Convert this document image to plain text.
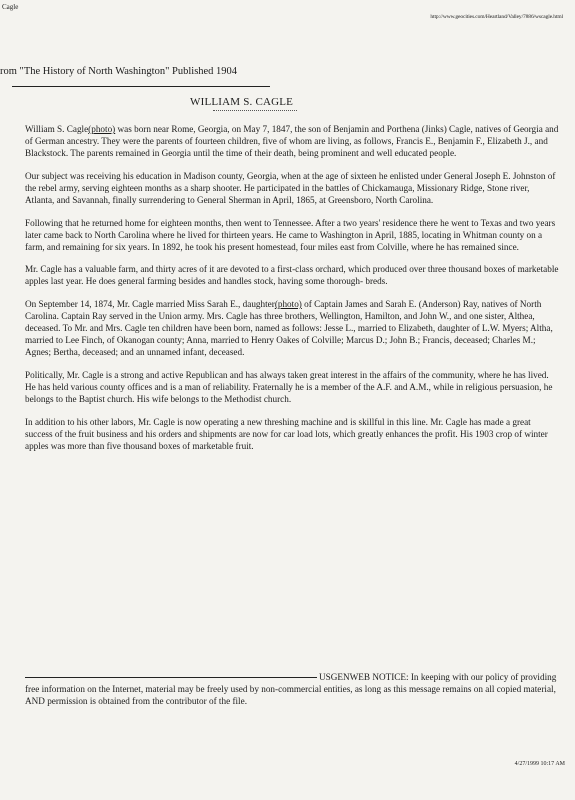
Cagle
http://www.geocities.com/Heartland/Valley/7886/wscagle.html
rom "The History of North Washington" Published 1904
WILLIAM S. CAGLE

William S. Cagle(photo) was born near Rome, Georgia, on May 7, 1847, the son of Benjamin and Porthena (Jinks) Cagle, natives of Georgia and of German ancestry. They were the parents of fourteen children, five of whom are living, as follows, Francis E., Benjamin F., Elizabeth J., and Blackstock. The parents remained in Georgia until the time of their death, being prominent and well educated people.

Our subject was receiving his education in Madison county, Georgia, when at the age of sixteen he enlisted under General Joseph E. Johnston of the rebel army, serving eighteen months as a sharp shooter. He participated in the battles of Chickamauga, Missionary Ridge, Stone river, Atlanta, and Savannah, finally surrendering to General Sherman in April, 1865, at Greensboro, North Carolina.

Following that he returned home for eighteen months, then went to Tennessee. After a two years' residence there he went to Texas and two years later came back to North Carolina where he lived for thirteen years. He came to Washington in April, 1885, locating in Whitman county on a farm, and remaining for six years. In 1892, he took his present homestead, four miles east from Colville, where he has remained since.

Mr. Cagle has a valuable farm, and thirty acres of it are devoted to a first-class orchard, which produced over three thousand boxes of marketable apples last year. He does general farming besides and handles stock, having some thorough- breds.

On September 14, 1874, Mr. Cagle married Miss Sarah E., daughter(photo) of Captain James and Sarah E. (Anderson) Ray, natives of North Carolina. Captain Ray served in the Union army. Mrs. Cagle has three brothers, Wellington, Hamilton, and John W., and one sister, Althea, deceased. To Mr. and Mrs. Cagle ten children have been born, named as follows: Jesse L., married to Elizabeth, daughter of L.W. Myers; Altha, married to Lee Finch, of Okanogan county; Anna, married to Henry Oakes of Colville; Marcus D.; John B.; Francis, deceased; Charles M.; Agnes; Bertha, deceased; and an unnamed infant, deceased.

Politically, Mr. Cagle is a strong and active Republican and has always taken great interest in the affairs of the community, where he has lived. He has held various county offices and is a man of reliability. Fraternally he is a member of the A.F. and A.M., while in religious persuasion, he belongs to the Baptist church. His wife belongs to the Methodist church.

In addition to his other labors, Mr. Cagle is now operating a new threshing machine and is skillful in this line. Mr. Cagle has made a great success of the fruit business and his orders and shipments are now for car load lots, which greatly enhances the profit. His 1903 crop of winter apples was more than five thousand boxes of marketable fruit.

USGENWEB NOTICE: In keeping with our policy of providing free information on the Internet, material may be freely used by non-commercial entities, as long as this message remains on all copied material, AND permission is obtained from the contributor of the file.
4/27/1999 10:17 AM
